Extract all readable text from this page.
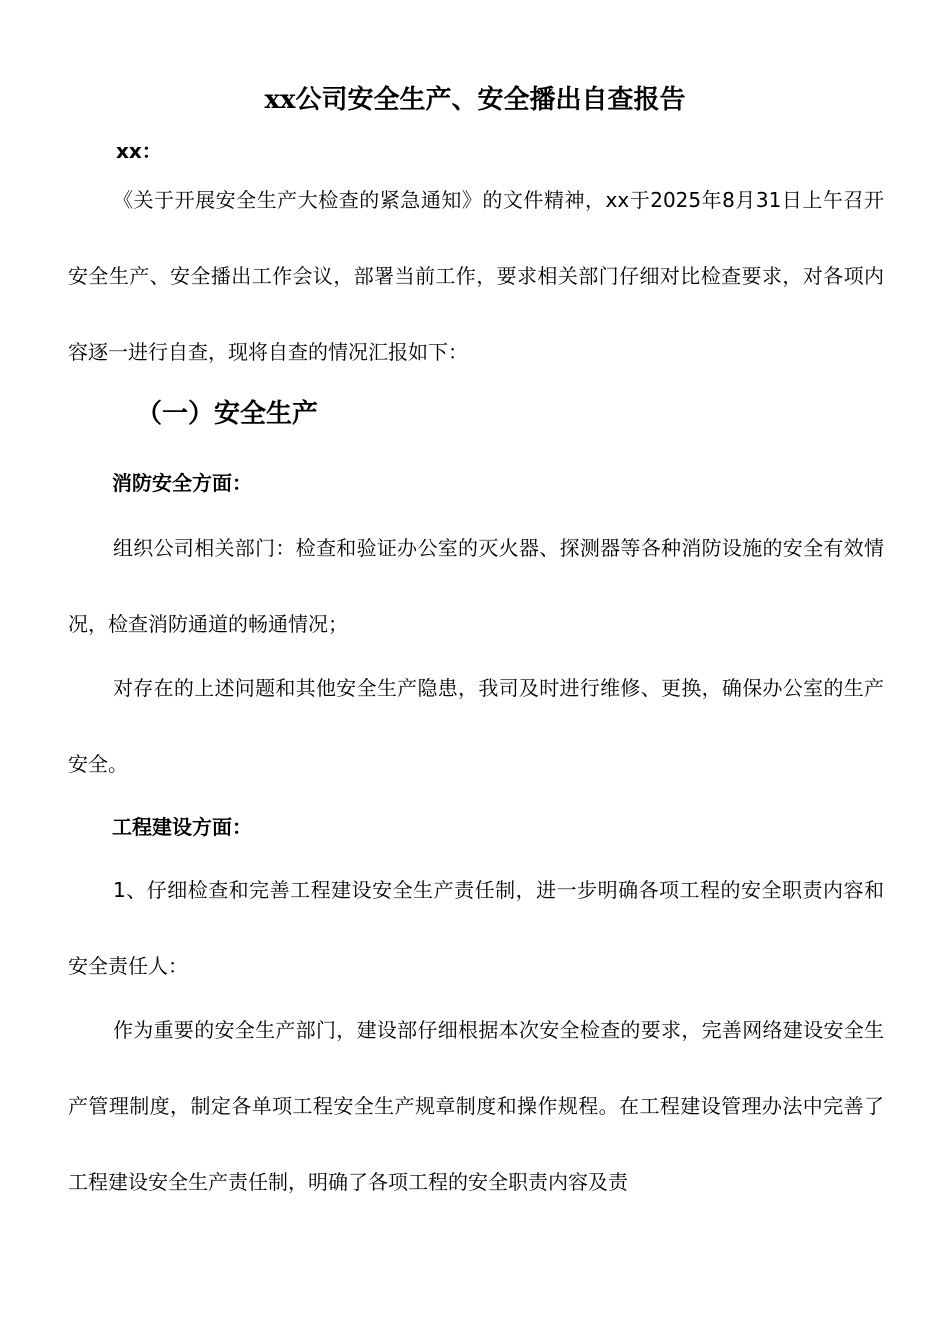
xx公司安全生产、安全播出自查报告
xx：
《关于开展安全生产大检查的紧急通知》的文件精神，xx于2025年8月31日上午召开安全生产、安全播出工作会议，部署当前工作，要求相关部门仔细对比检查要求，对各项内容逐一进行自查，现将自查的情况汇报如下：
（一）安全生产
消防安全方面：
组织公司相关部门：检查和验证办公室的灭火器、探测器等各种消防设施的安全有效情况，检查消防通道的畅通情况；
对存在的上述问题和其他安全生产隐患，我司及时进行维修、更换，确保办公室的生产安全。
工程建设方面：
1、仔细检查和完善工程建设安全生产责任制，进一步明确各项工程的安全职责内容和安全责任人：
作为重要的安全生产部门，建设部仔细根据本次安全检查的要求，完善网络建设安全生产管理制度，制定各单项工程安全生产规章制度和操作规程。在工程建设管理办法中完善了工程建设安全生产责任制，明确了各项工程的安全职责内容及责
